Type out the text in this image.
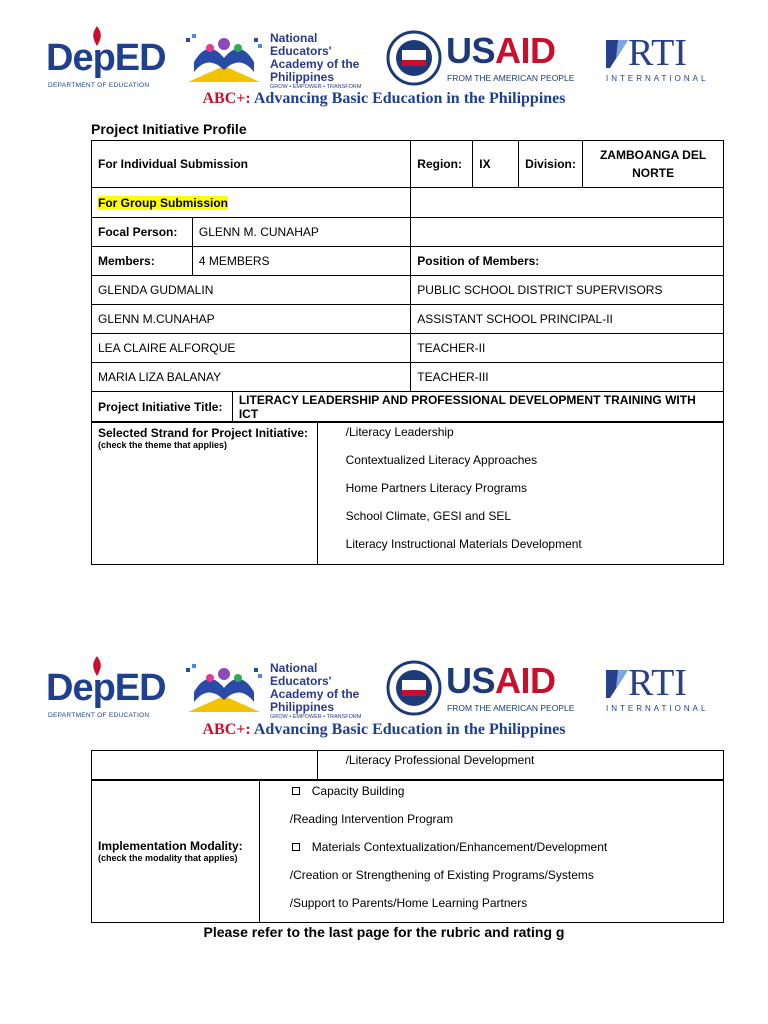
DepED
DEPARTMENT OF EDUCATION
National
Educators'
Academy of the
Philippines
GROW • EMPOWER • TRANSFORM
USAID
FROM THE AMERICAN PEOPLE
RTI
INTERNATIONAL
ABC+: Advancing Basic Education in the Philippines
Project Initiative Profile
For Individual Submission		Region:	IX	Division:	ZAMBOANGA DEL
NORTE

For Group Submission					
Focal Person:	GLENN M. CUNAHAP				
Members:	4 MEMBERS	Position of Members:			
GLENDA GUDMALIN		PUBLIC SCHOOL DISTRICT SUPERVISORS			
GLENN M.CUNAHAP		ASSISTANT SCHOOL PRINCIPAL-II			
LEA CLAIRE ALFORQUE		TEACHER-II			
MARIA LIZA BALANAY		TEACHER-III			
Project Initiative Title:	LITERACY LEADERSHIP AND PROFESSIONAL DEVELOPMENT TRAINING WITH ICT
Selected Strand for Project Initiative:
(check the theme that applies)

/Literacy Leadership
Contextualized Literacy Approaches
Home Partners Literacy Programs
School Climate, GESI and SEL
Literacy Instructional Materials Development
DepED
DEPARTMENT OF EDUCATION
National
Educators'
Academy of the
Philippines
GROW • EMPOWER • TRANSFORM
USAID
FROM THE AMERICAN PEOPLE
RTI
INTERNATIONAL
ABC+: Advancing Basic Education in the Philippines
	/Literacy Professional Development
Implementation Modality:
(check the modality that applies)

Capacity Building
/Reading Intervention Program
Materials Contextualization/Enhancement/Development
/Creation or Strengthening of Existing Programs/Systems
/Support to Parents/Home Learning Partners
Please refer to the last page for the rubric and rating g
